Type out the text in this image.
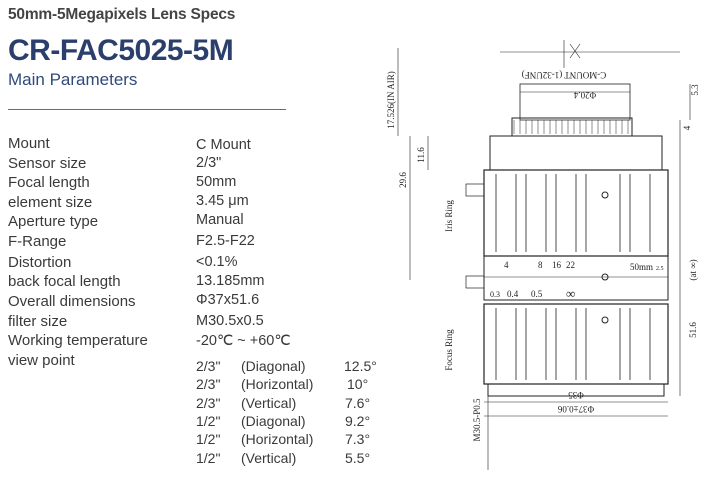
50mm-5Megapixels Lens Specs
CR-FAC5025-5M
Main Parameters
Mount	C Mount
Sensor size	2/3"
Focal length	50mm
element size	3.45 μm
Aperture type	Manual
F-Range	F2.5-F22
Distortion	<0.1%
back focal length	13.185mm
Overall dimensions	Φ37x51.6
filter size	M30.5x0.5
Working temperature	-20℃ ~ +60℃
view point	2/3" (Diagonal)	12.5°
2/3" (Horizontal) 10°
2/3" (Vertical)	7.6°
1/2" (Diagonal)	9.2°
1/2" (Horizontal) 7.3°
1/2" (Vertical)	5.5°
C-MOUNT (1-32UNF)
Φ20.4
17.526(IN AIR)
29.6
11.6
5.3
4
51.6
(at ∞)
Iris Ring
Focus Ring
4	8 16 22	50mm 2.5
0.3 0.4 0.5 ∞
Φ35
Φ37±0.06
M30.5-P0.5
